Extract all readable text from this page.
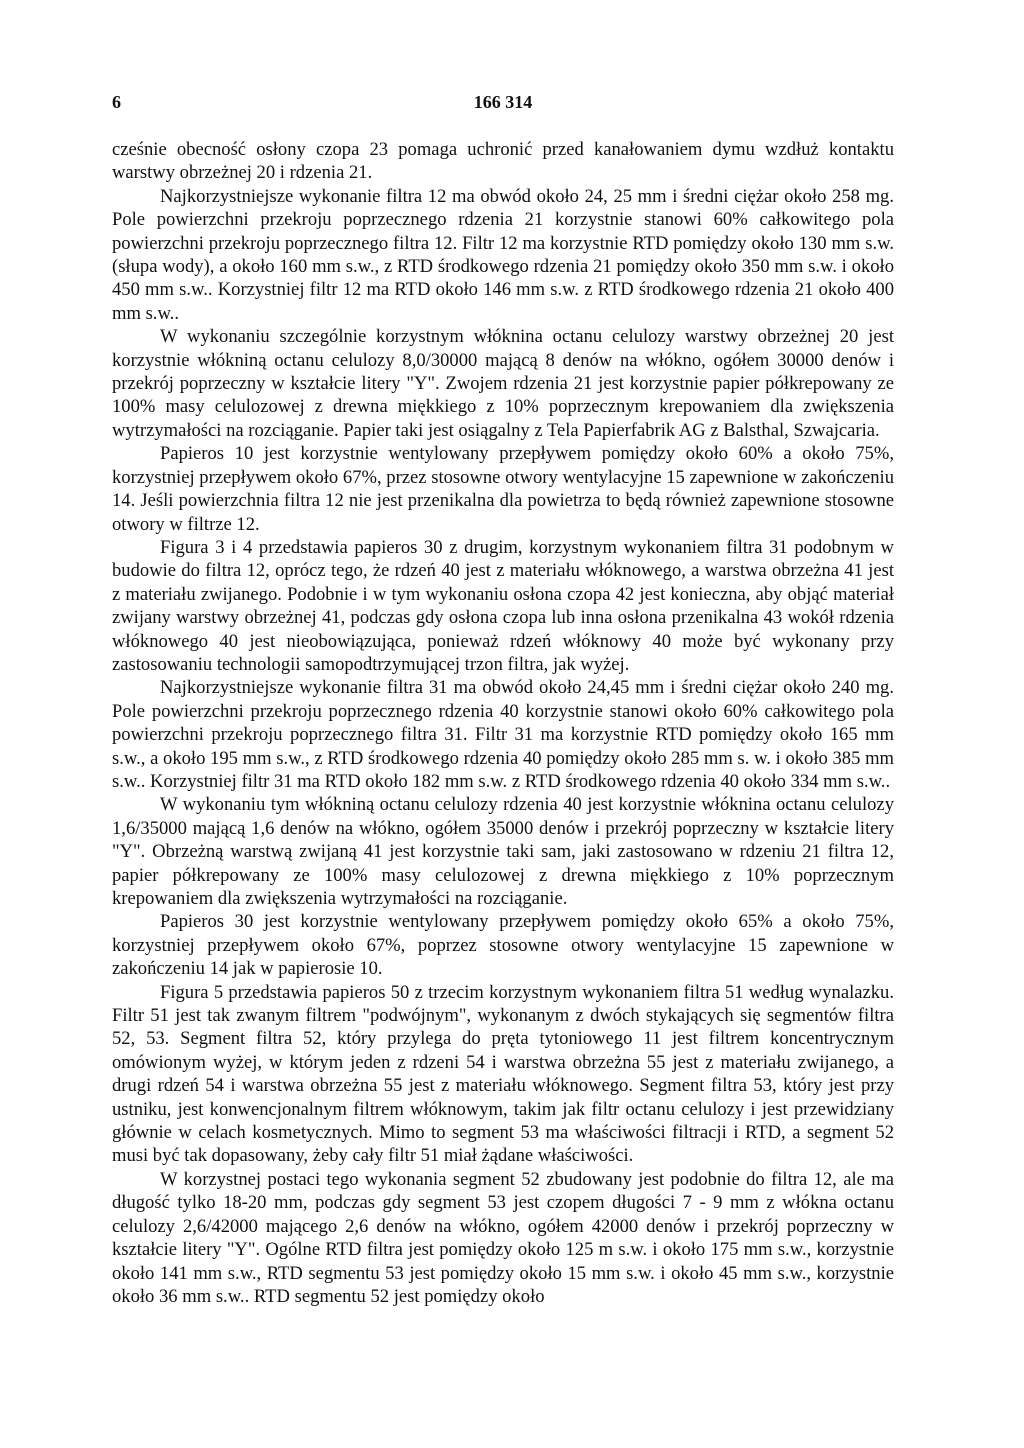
6	166 314

cześnie obecność osłony czopa 23 pomaga uchronić przed kanałowaniem dymu wzdłuż kontaktu warstwy obrzeżnej 20 i rdzenia 21.

Najkorzystniejsze wykonanie filtra 12 ma obwód około 24, 25 mm i średni ciężar około 258 mg. Pole powierzchni przekroju poprzecznego rdzenia 21 korzystnie stanowi 60% całkowitego pola powierzchni przekroju poprzecznego filtra 12. Filtr 12 ma korzystnie RTD pomiędzy około 130 mm s.w. (słupa wody), a około 160 mm s.w., z RTD środkowego rdzenia 21 pomiędzy około 350 mm s.w. i około 450 mm s.w.. Korzystniej filtr 12 ma RTD około 146 mm s.w. z RTD środkowego rdzenia 21 około 400 mm s.w..

W wykonaniu szczególnie korzystnym włóknina octanu celulozy warstwy obrzeżnej 20 jest korzystnie włókniną octanu celulozy 8,0/30000 mającą 8 denów na włókno, ogółem 30000 denów i przekrój poprzeczny w kształcie litery "Y". Zwojem rdzenia 21 jest korzystnie papier półkrepowany ze 100% masy celulozowej z drewna miękkiego z 10% poprzecznym krepowaniem dla zwiększenia wytrzymałości na rozciąganie. Papier taki jest osiągalny z Tela Papierfabrik AG z Balsthal, Szwajcaria.

Papieros 10 jest korzystnie wentylowany przepływem pomiędzy około 60% a około 75%, korzystniej przepływem około 67%, przez stosowne otwory wentylacyjne 15 zapewnione w zakończeniu 14. Jeśli powierzchnia filtra 12 nie jest przenikalna dla powietrza to będą również zapewnione stosowne otwory w filtrze 12.

Figura 3 i 4 przedstawia papieros 30 z drugim, korzystnym wykonaniem filtra 31 podobnym w budowie do filtra 12, oprócz tego, że rdzeń 40 jest z materiału włóknowego, a warstwa obrzeżna 41 jest z materiału zwijanego. Podobnie i w tym wykonaniu osłona czopa 42 jest konieczna, aby objąć materiał zwijany warstwy obrzeżnej 41, podczas gdy osłona czopa lub inna osłona przenikalna 43 wokół rdzenia włóknowego 40 jest nieobowiązująca, ponieważ rdzeń włóknowy 40 może być wykonany przy zastosowaniu technologii samopodtrzymującej trzon filtra, jak wyżej.

Najkorzystniejsze wykonanie filtra 31 ma obwód około 24,45 mm i średni ciężar około 240 mg. Pole powierzchni przekroju poprzecznego rdzenia 40 korzystnie stanowi około 60% całkowitego pola powierzchni przekroju poprzecznego filtra 31. Filtr 31 ma korzystnie RTD pomiędzy około 165 mm s.w., a około 195 mm s.w., z RTD środkowego rdzenia 40 pomiędzy około 285 mm s. w. i około 385 mm s.w.. Korzystniej filtr 31 ma RTD około 182 mm s.w. z RTD środkowego rdzenia 40 około 334 mm s.w..

W wykonaniu tym włókniną octanu celulozy rdzenia 40 jest korzystnie włóknina octanu celulozy 1,6/35000 mającą 1,6 denów na włókno, ogółem 35000 denów i przekrój poprzeczny w kształcie litery "Y". Obrzeżną warstwą zwijaną 41 jest korzystnie taki sam, jaki zastosowano w rdzeniu 21 filtra 12, papier półkrepowany ze 100% masy celulozowej z drewna miękkiego z 10% poprzecznym krepowaniem dla zwiększenia wytrzymałości na rozciąganie.

Papieros 30 jest korzystnie wentylowany przepływem pomiędzy około 65% a około 75%, korzystniej przepływem około 67%, poprzez stosowne otwory wentylacyjne 15 zapewnione w zakończeniu 14 jak w papierosie 10.

Figura 5 przedstawia papieros 50 z trzecim korzystnym wykonaniem filtra 51 według wynalazku. Filtr 51 jest tak zwanym filtrem "podwójnym", wykonanym z dwóch stykających się segmentów filtra 52, 53. Segment filtra 52, który przylega do pręta tytoniowego 11 jest filtrem koncentrycznym omówionym wyżej, w którym jeden z rdzeni 54 i warstwa obrzeżna 55 jest z materiału zwijanego, a drugi rdzeń 54 i warstwa obrzeżna 55 jest z materiału włóknowego. Segment filtra 53, który jest przy ustniku, jest konwencjonalnym filtrem włóknowym, takim jak filtr octanu celulozy i jest przewidziany głównie w celach kosmetycznych. Mimo to segment 53 ma właściwości filtracji i RTD, a segment 52 musi być tak dopasowany, żeby cały filtr 51 miał żądane właściwości.

W korzystnej postaci tego wykonania segment 52 zbudowany jest podobnie do filtra 12, ale ma długość tylko 18-20 mm, podczas gdy segment 53 jest czopem długości 7 - 9 mm z włókna octanu celulozy 2,6/42000 mającego 2,6 denów na włókno, ogółem 42000 denów i przekrój poprzeczny w kształcie litery "Y". Ogólne RTD filtra jest pomiędzy około 125 m s.w. i około 175 mm s.w., korzystnie około 141 mm s.w., RTD segmentu 53 jest pomiędzy około 15 mm s.w. i około 45 mm s.w., korzystnie około 36 mm s.w.. RTD segmentu 52 jest pomiędzy około
